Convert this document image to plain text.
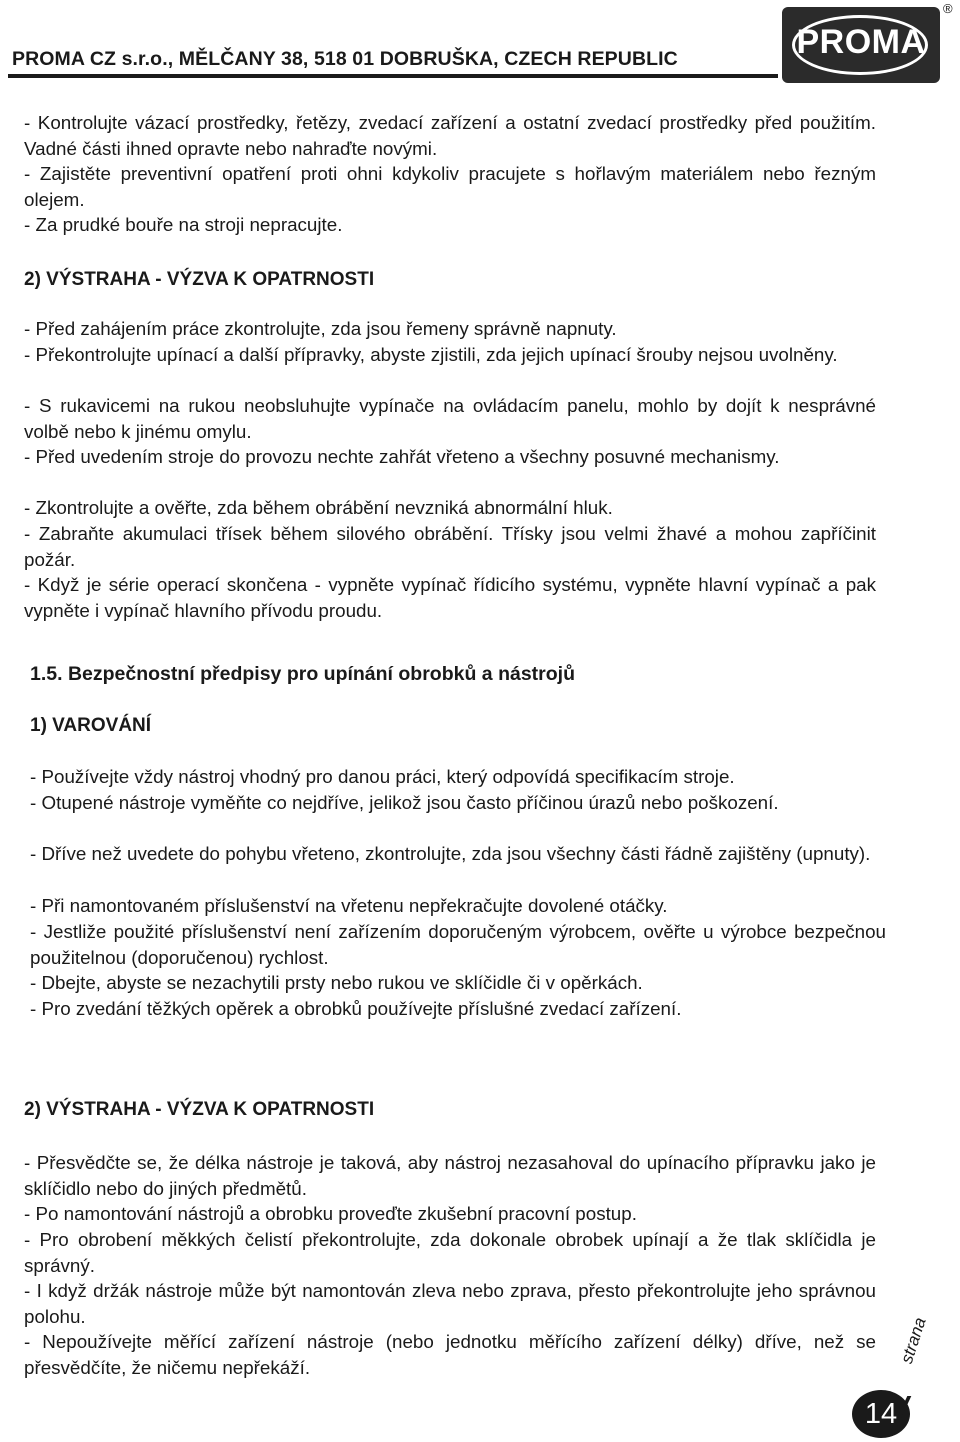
PROMA CZ s.r.o., MĚLČANY 38, 518 01 DOBRUŠKA, CZECH REPUBLIC	PROMA
®

- Kontrolujte vázací prostředky, řetězy, zvedací zařízení a ostatní zvedací prostředky před použitím. Vadné části ihned opravte nebo nahraďte novými.

- Zajistěte preventivní opatření proti ohni kdykoliv pracujete s hořlavým materiálem nebo řezným olejem.

- Za prudké bouře na stroji nepracujte.

2) VÝSTRAHA - VÝZVA K OPATRNOSTI

- Před zahájením práce zkontrolujte, zda jsou řemeny správně napnuty.

- Překontrolujte upínací a další přípravky, abyste zjistili, zda jejich upínací šrouby nejsou uvolněny.

- S rukavicemi na rukou neobsluhujte vypínače na ovládacím panelu, mohlo by dojít k nesprávné volbě nebo k jinému omylu.

- Před uvedením stroje do provozu nechte zahřát vřeteno a všechny posuvné mechanismy.

- Zkontrolujte a ověřte, zda během obrábění nevzniká abnormální hluk.

- Zabraňte akumulaci třísek během silového obrábění. Třísky jsou velmi žhavé a mohou zapříčinit požár.

- Když je série operací skončena - vypněte vypínač řídicího systému, vypněte hlavní vypínač a pak vypněte i vypínač hlavního přívodu proudu.

1.5. Bezpečnostní předpisy pro upínání obrobků a nástrojů
1) VAROVÁNÍ

- Používejte vždy nástroj vhodný pro danou práci, který odpovídá specifikacím stroje.

- Otupené nástroje vyměňte co nejdříve, jelikož jsou často příčinou úrazů nebo poškození.

- Dříve než uvedete do pohybu vřeteno, zkontrolujte, zda jsou všechny části řádně zajištěny (upnuty).

- Při namontovaném příslušenství na vřetenu nepřekračujte dovolené otáčky.

- Jestliže použité příslušenství není zařízením doporučeným výrobcem, ověřte u výrobce bezpečnou použitelnou (doporučenou) rychlost.

- Dbejte, abyste se nezachytili prsty nebo rukou ve sklíčidle či v opěrkách.

- Pro zvedání těžkých opěrek a obrobků používejte příslušné zvedací zařízení.

2) VÝSTRAHA - VÝZVA K OPATRNOSTI

- Přesvědčte se, že délka nástroje je taková, aby nástroj nezasahoval do upínacího přípravku jako je sklíčidlo nebo do jiných předmětů.

- Po namontování nástrojů a obrobku proveďte zkušební pracovní postup.

- Pro obrobení měkkých čelistí překontrolujte, zda dokonale obrobek upínají a že tlak sklíčidla je správný.

- I když držák nástroje může být namontován zleva nebo zprava, přesto překontrolujte jeho správnou polohu.

- Nepoužívejte měřící zařízení nástroje (nebo jednotku měřícího zařízení délky) dříve, než se přesvědčíte, že ničemu nepřekáží.

14
strana
